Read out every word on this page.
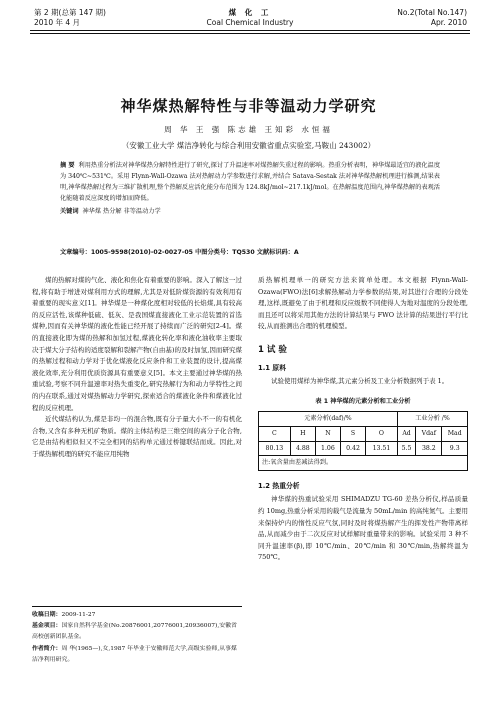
第 2 期(总第 147 期)
2010 年 4 月
煤 化 工
Coal Chemical Industry
No.2(Total No.147)
Apr. 2010
神华煤热解特性与非等温动力学研究
周 华 王 强 陈志雄 王知彩 水恒福
（安徽工业大学 煤洁净转化与综合利用安徽省重点实验室,马鞍山 243002）
摘 要 利用热重分析法对神华煤热分解特性进行了研究,探讨了升温速率对煤热解失重过程的影响。热重分析表明，神华煤最适宜的液化温度为 340℃~531℃。采用 Flynn-Wall-Ozawa 法对热解动力学参数进行求解,并结合 Satava-Sestak 法对神华煤热解机理进行推测,结果表明,神华煤热解过程为三维扩散机理,整个热解反应活化能分布范围为 124.8kJ/mol~217.1kJ/mol。在热解温度范围内,神华煤热解的表观活化能随着反应深度的增加而降低。
关键词 神华煤 热分解 非等温动力学
文章编号：1005-9598(2010)-02-0027-05 中图分类号：TQ530 文献标识码：A

煤的热解对煤的气化、液化和焦化有着重要的影响。深入了解这一过程,将有助于增进对煤利用方式的理解,尤其是对低阶煤资源的有效利用有着重要的现实意义[1]。神华煤是一种煤化度相对较低的长焰煤,具有较高的反应活性,该煤种低硫、低灰、是我国煤直接液化工业示范装置的首选煤种,因而有关神华煤的液化性能已经开展了持续而广泛的研究[2-4]。煤的直接液化即为煤的热解和加氢过程,煤液化转化率和液化油收率主要取决于煤大分子结构的适度裂解和裂解产物(自由基)的及时加氢,因而研究煤的热解过程和动力学对于优化煤液化反应条件和工业装置的设计,提高煤液化效率,充分利用优质资源具有重要意义[5]。本文主要通过神华煤的热重试验,考察不同升温速率对热失重变化,研究热解行为和动力学特性之间的内在联系,通过对煤热解动力学研究,探索适合的煤液化条件和煤液化过程的反应机理。

近代煤结构认为,煤是非均一的混合物,既有分子量大小不一的有机化合物,又含有多种无机矿物质。煤的主体结构是三维空间的高分子化合物,它是由结构相似但又不完全相同的结构单元通过桥键联结而成。因此,对于煤热解机理的研究不能应用纯物

收稿日期：2009-11-27
基金项目：国家自然科学基金(No.20876001,20776001,20936007),安徽省高校创新团队基金。
作者简介：周 华(1965—),女,1987 年毕业于安徽师范大学,高级实验师,从事煤洁净利用研究。

质热解机理单一的研究方法来简单处理。本文根据 Flynn-Wall-Ozawa(FWO)法[6]求解热解动力学参数的结果,对其进行合理的分段处理,这样,既避免了由于机理和反应级数不同使得人为地对温度的分段处理,而且还可以将采用其他方法的计算结果与 FWO 法计算的结果进行平行比较,从而推测出合理的机理模型。

1 试 验
1.1 原料

试验使用煤样为神华煤,其元素分析及工业分析数据列于表 1。

表 1 神华煤的元素分析和工业分析
元素分析(daf)/%					工业分析 /%		
C	H	N	S	O	Ad	Vdaf	Mad
80.13	4.88	1.06	0.42	13.51	5.5	38.2	9.3
注:氧含量由差减法得到。							
1.2 热重分析

神华煤的热重试验采用 SHIMADZU TG-60 差热分析仪,样品质量约 10mg,热重分析采用的载气是流量为 50mL/min 的高纯氮气。主要用来保持炉内的惰性反应气氛,同时及时将煤热解产生的挥发性产物带离样品,从而减少由于二次反应对试样解时重量带来的影响。试验采用 3 种不同升温速率(β),即 10℃/min、20℃/min 和 30℃/min,热解终温为 750℃。
